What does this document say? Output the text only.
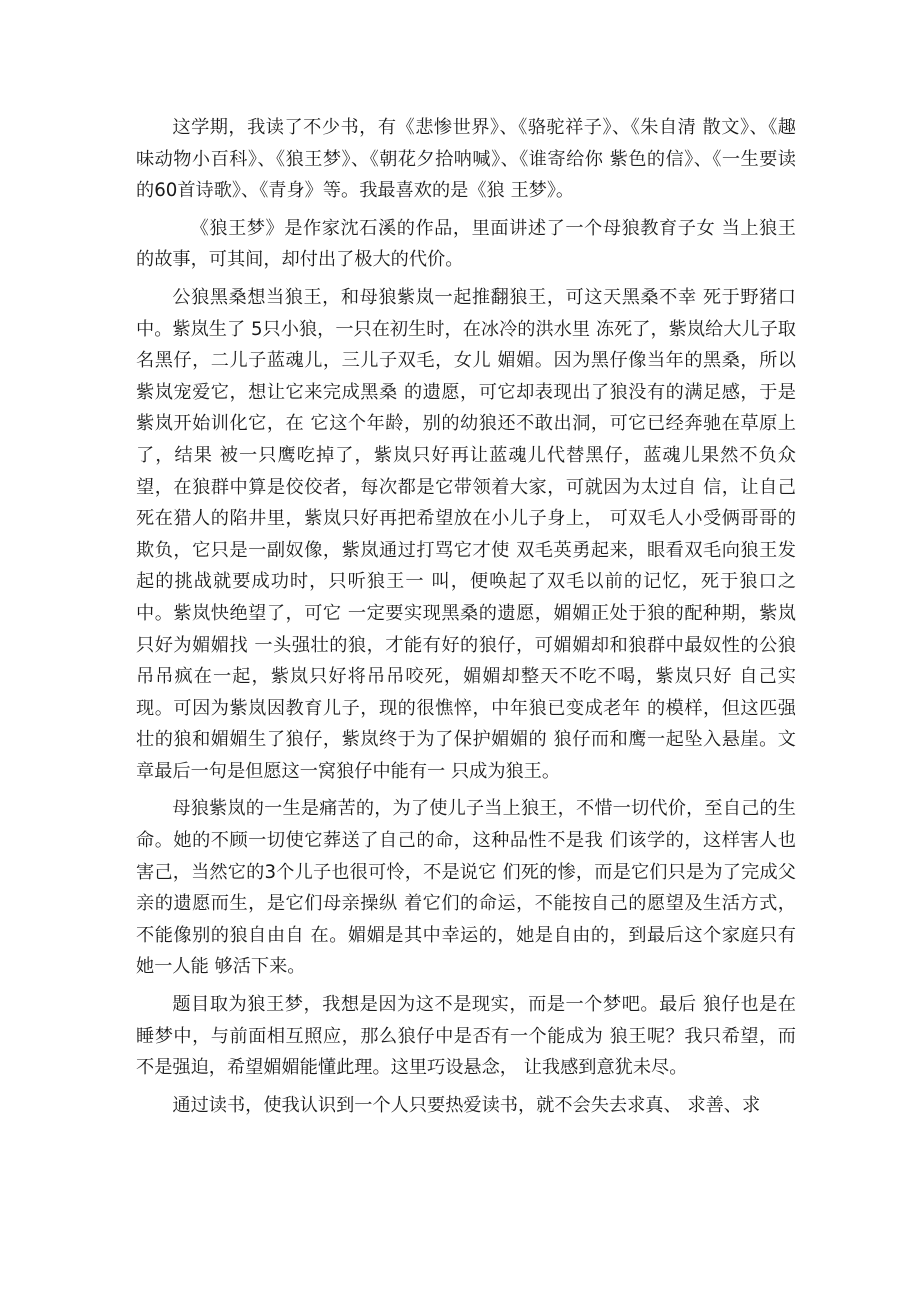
这学期，我读了不少书，有《悲惨世界》、《骆驼祥子》、《朱自清 散文》、《趣味动物小百科》、《狼王梦》、《朝花夕拾呐喊》、《谁寄给你 紫色的信》、《一生要读的60首诗歌》、《青身》等。我最喜欢的是《狼 王梦》。

《狼王梦》是作家沈石溪的作品，里面讲述了一个母狼教育子女 当上狼王的故事，可其间，却付出了极大的代价。

公狼黑桑想当狼王，和母狼紫岚一起推翻狼王，可这天黑桑不幸 死于野猪口中。紫岚生了 5只小狼，一只在初生时，在冰冷的洪水里 冻死了，紫岚给大儿子取名黑仔，二儿子蓝魂儿，三儿子双毛，女儿 媚媚。因为黑仔像当年的黑桑，所以紫岚宠爱它，想让它来完成黑桑 的遗愿，可它却表现出了狼没有的满足感，于是紫岚开始训化它，在 它这个年龄，别的幼狼还不敢出洞，可它已经奔驰在草原上了，结果 被一只鹰吃掉了，紫岚只好再让蓝魂儿代替黑仔，蓝魂儿果然不负众望，在狼群中算是佼佼者，每次都是它带领着大家，可就因为太过自 信，让自己死在猎人的陷井里，紫岚只好再把希望放在小儿子身上， 可双毛人小受俩哥哥的欺负，它只是一副奴像，紫岚通过打骂它才使 双毛英勇起来，眼看双毛向狼王发起的挑战就要成功时，只听狼王一 叫，便唤起了双毛以前的记忆，死于狼口之中。紫岚快绝望了，可它 一定要实现黑桑的遗愿，媚媚正处于狼的配种期，紫岚只好为媚媚找 一头强壮的狼，才能有好的狼仔，可媚媚却和狼群中最奴性的公狼吊吊疯在一起，紫岚只好将吊吊咬死，媚媚却整天不吃不喝，紫岚只好 自己实现。可因为紫岚因教育儿子，现的很憔悴，中年狼已变成老年 的模样，但这匹强壮的狼和媚媚生了狼仔，紫岚终于为了保护媚媚的 狼仔而和鹰一起坠入悬崖。文章最后一句是但愿这一窝狼仔中能有一 只成为狼王。

母狼紫岚的一生是痛苦的，为了使儿子当上狼王，不惜一切代价，至自己的生命。她的不顾一切使它葬送了自己的命，这种品性不是我 们该学的，这样害人也害己，当然它的3个儿子也很可怜，不是说它 们死的惨，而是它们只是为了完成父亲的遗愿而生，是它们母亲操纵 着它们的命运，不能按自己的愿望及生活方式，不能像别的狼自由自 在。媚媚是其中幸运的，她是自由的，到最后这个家庭只有她一人能 够活下来。

题目取为狼王梦，我想是因为这不是现实，而是一个梦吧。最后 狼仔也是在睡梦中，与前面相互照应，那么狼仔中是否有一个能成为 狼王呢？我只希望，而不是强迫，希望媚媚能懂此理。这里巧设悬念， 让我感到意犹未尽。

通过读书，使我认识到一个人只要热爱读书，就不会失去求真、 求善、求
